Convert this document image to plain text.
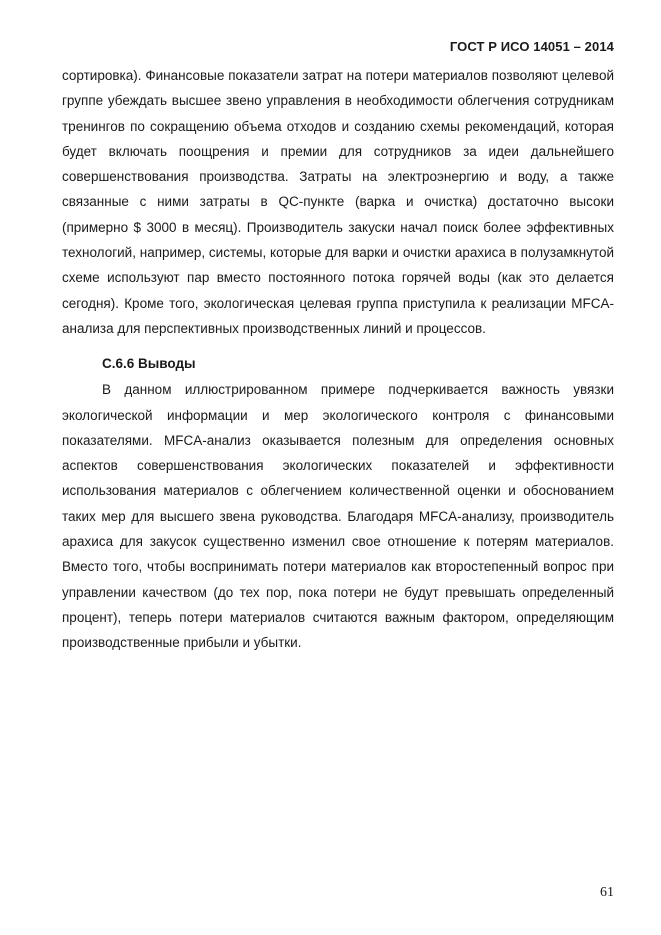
ГОСТ Р ИСО 14051 – 2014

сортировка). Финансовые показатели затрат на потери материалов позволяют целевой группе убеждать высшее звено управления в необходимости облегчения сотрудникам тренингов по сокращению объема отходов и созданию схемы рекомендаций, которая будет включать поощрения и премии для сотрудников за идеи дальнейшего совершенствования производства. Затраты на электроэнергию и воду, а также связанные с ними затраты в QC-пункте (варка и очистка) достаточно высоки (примерно $ 3000 в месяц). Производитель закуски начал поиск более эффективных технологий, например, системы, которые для варки и очистки арахиса в полузамкнутой схеме используют пар вместо постоянного потока горячей воды (как это делается сегодня). Кроме того, экологическая целевая группа приступила к реализации MFCA-анализа для перспективных производственных линий и процессов.

С.6.6 Выводы

В данном иллюстрированном примере подчеркивается важность увязки экологической информации и мер экологического контроля с финансовыми показателями. MFCA-анализ оказывается полезным для определения основных аспектов совершенствования экологических показателей и эффективности использования материалов с облегчением количественной оценки и обоснованием таких мер для высшего звена руководства. Благодаря MFCA-анализу, производитель арахиса для закусок существенно изменил свое отношение к потерям материалов. Вместо того, чтобы воспринимать потери материалов как второстепенный вопрос при управлении качеством (до тех пор, пока потери не будут превышать определенный процент), теперь потери материалов считаются важным фактором, определяющим производственные прибыли и убытки.

61
